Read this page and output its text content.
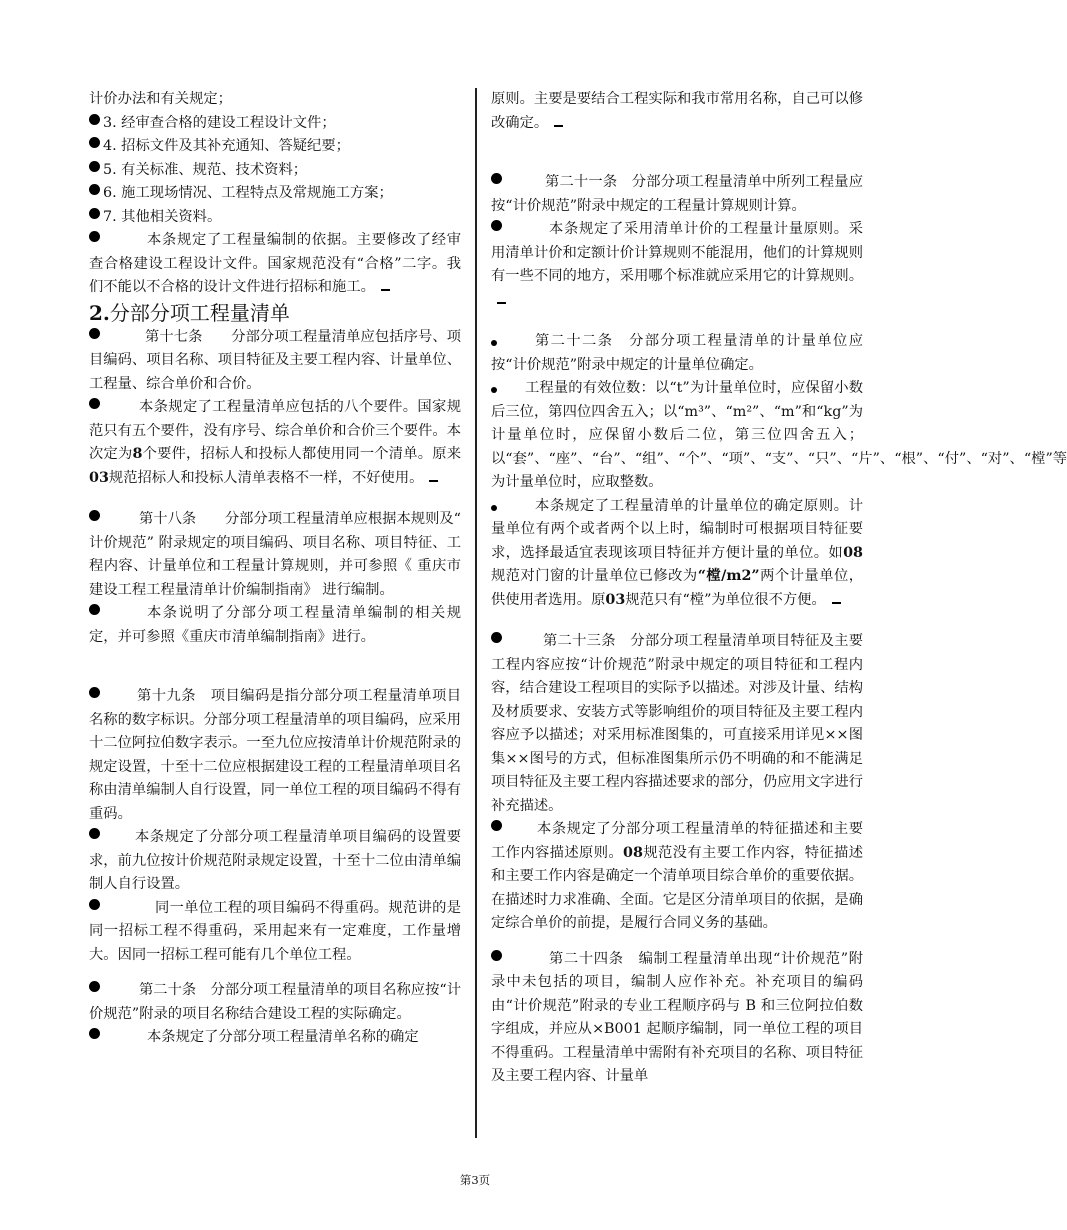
计价办法和有关规定；

3. 经审查合格的建设工程设计文件；

4. 招标文件及其补充通知、答疑纪要；

5. 有关标准、规范、技术资料；

6. 施工现场情况、工程特点及常规施工方案；

7. 其他相关资料。

本条规定了工程量编制的依据。主要修改了经审查合格建设工程设计文件。国家规范没有“合格”二字。我们不能以不合格的设计文件进行招标和施工。

2.分部分项工程量清单

第十七条　　分部分项工程量清单应包括序号、项目编码、项目名称、项目特征及主要工程内容、计量单位、工程量、综合单价和合价。

本条规定了工程量清单应包括的八个要件。国家规范只有五个要件，没有序号、综合单价和合价三个要件。本次定为8个要件，招标人和投标人都使用同一个清单。原来03规范招标人和投标人清单表格不一样，不好使用。

第十八条　　分部分项工程量清单应根据本规则及“ 计价规范” 附录规定的项目编码、项目名称、项目特征、工程内容、计量单位和工程量计算规则，并可参照《 重庆市建设工程工程量清单计价编制指南》 进行编制。

本条说明了分部分项工程量清单编制的相关规定，并可参照《重庆市清单编制指南》进行。

第十九条　项目编码是指分部分项工程量清单项目名称的数字标识。分部分项工程量清单的项目编码，应采用十二位阿拉伯数字表示。一至九位应按清单计价规范附录的规定设置，十至十二位应根据建设工程的工程量清单项目名称由清单编制人自行设置，同一单位工程的项目编码不得有重码。

本条规定了分部分项工程量清单项目编码的设置要求，前九位按计价规范附录规定设置，十至十二位由清单编制人自行设置。

同一单位工程的项目编码不得重码。规范讲的是同一招标工程不得重码，采用起来有一定难度，工作量增大。因同一招标工程可能有几个单位工程。

第二十条　分部分项工程量清单的项目名称应按“计价规范”附录的项目名称结合建设工程的实际确定。

本条规定了分部分项工程量清单名称的确定

原则。主要是要结合工程实际和我市常用名称，自己可以修改确定。

第二十一条　分部分项工程量清单中所列工程量应按“计价规范”附录中规定的工程量计算规则计算。

本条规定了采用清单计价的工程量计量原则。采用清单计价和定额计价计算规则不能混用，他们的计算规则有一些不同的地方，采用哪个标准就应采用它的计算规则。

第二十二条　分部分项工程量清单的计量单位应按“计价规范”附录中规定的计量单位确定。

工程量的有效位数：以“t”为计量单位时，应保留小数后三位，第四位四舍五入；以“m³”、“m²”、“m”和“kg”为计量单位时，应保留小数后二位，第三位四舍五入；以“套”、“座”、“台”、“组”、“个”、“项”、“支”、“只”、“片”、“根”、“付”、“对”、“樘”等为计量单位时，应取整数。

本条规定了工程量清单的计量单位的确定原则。计量单位有两个或者两个以上时，编制时可根据项目特征要求，选择最适宜表现该项目特征并方便计量的单位。如08规范对门窗的计量单位已修改为“樘/m2”两个计量单位，供使用者选用。原03规范只有“樘”为单位很不方便。

第二十三条　分部分项工程量清单项目特征及主要工程内容应按“计价规范”附录中规定的项目特征和工程内容，结合建设工程项目的实际予以描述。对涉及计量、结构及材质要求、安装方式等影响组价的项目特征及主要工程内容应予以描述；对采用标准图集的，可直接采用详见××图集××图号的方式，但标准图集所示仍不明确的和不能满足项目特征及主要工程内容描述要求的部分，仍应用文字进行补充描述。

本条规定了分部分项工程量清单的特征描述和主要工作内容描述原则。08规范没有主要工作内容，特征描述和主要工作内容是确定一个清单项目综合单价的重要依据。在描述时力求准确、全面。它是区分清单项目的依据，是确定综合单价的前提，是履行合同义务的基础。

第二十四条　编制工程量清单出现“计价规范”附录中未包括的项目，编制人应作补充。补充项目的编码由“计价规范”附录的专业工程顺序码与 B 和三位阿拉伯数字组成，并应从×B001 起顺序编制，同一单位工程的项目不得重码。工程量清单中需附有补充项目的名称、项目特征及主要工程内容、计量单

第3页
